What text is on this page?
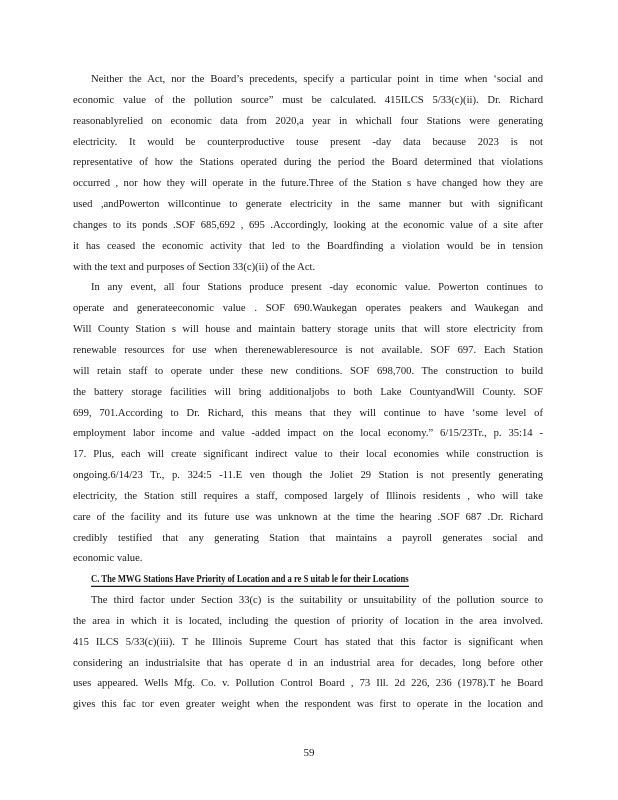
Neither the Act, nor the Board’s precedents, specify a particular point in time when ‘social and
economic value of the pollution source” must be calculated. 415ILCS 5/33(c)(ii). Dr. Richard
reasonablyrelied on economic data from 2020,a year in whichall four Stations were generating
electricity. It would be counterproductive touse present -day data because 2023 is not
representative of how the Stations operated during the period the Board determined that violations
occurred , nor how they will operate in the future.Three of the Station s have changed how they are
used ,andPowerton willcontinue to generate electricity in the same manner but with significant
changes to its ponds .SOF 685,692 , 695 .Accordingly, looking at the economic value of a site after
it has ceased the economic activity that led to the Boardfinding a violation would be in tension
with the text and purposes of Section 33(c)(ii) of the Act.
In any event, all four Stations produce present -day economic value. Powerton continues to
operate and generateeconomic value . SOF 690.Waukegan operates peakers and Waukegan and
Will County Station s will house and maintain battery storage units that will store electricity from
renewable resources for use when therenewableresource is not available. SOF 697. Each Station
will retain staff to operate under these new conditions. SOF 698,700. The construction to build
the battery storage facilities will bring additionaljobs to both Lake CountyandWill County. SOF
699, 701.According to Dr. Richard, this means that they will continue to have ‘some level of
employment labor income and value -added impact on the local economy.” 6/15/23Tr., p. 35:14 -
17. Plus, each will create significant indirect value to their local economies while construction is
ongoing.6/14/23 Tr., p. 324:5 -11.E ven though the Joliet 29 Station is not presently generating
electricity, the Station still requires a staff, composed largely of Illinois residents , who will take
care of the facility and its future use was unknown at the time the hearing .SOF 687 .Dr. Richard
credibly testified that any generating Station that maintains a payroll generates social and
economic value.
C. The MWG Stations Have Priority of Location and a re S uitab le for their Locations
The third factor under Section 33(c) is the suitability or unsuitability of the pollution source to
the area in which it is located, including the question of priority of location in the area involved.
415 ILCS 5/33(c)(iii). T he Illinois Supreme Court has stated that this factor is significant when
considering an industrialsite that has operate d in an industrial area for decades, long before other
uses appeared. Wells Mfg. Co. v. Pollution Control Board , 73 Ill. 2d 226, 236 (1978).T he Board
gives this fac tor even greater weight when the respondent was first to operate in the location and
59
